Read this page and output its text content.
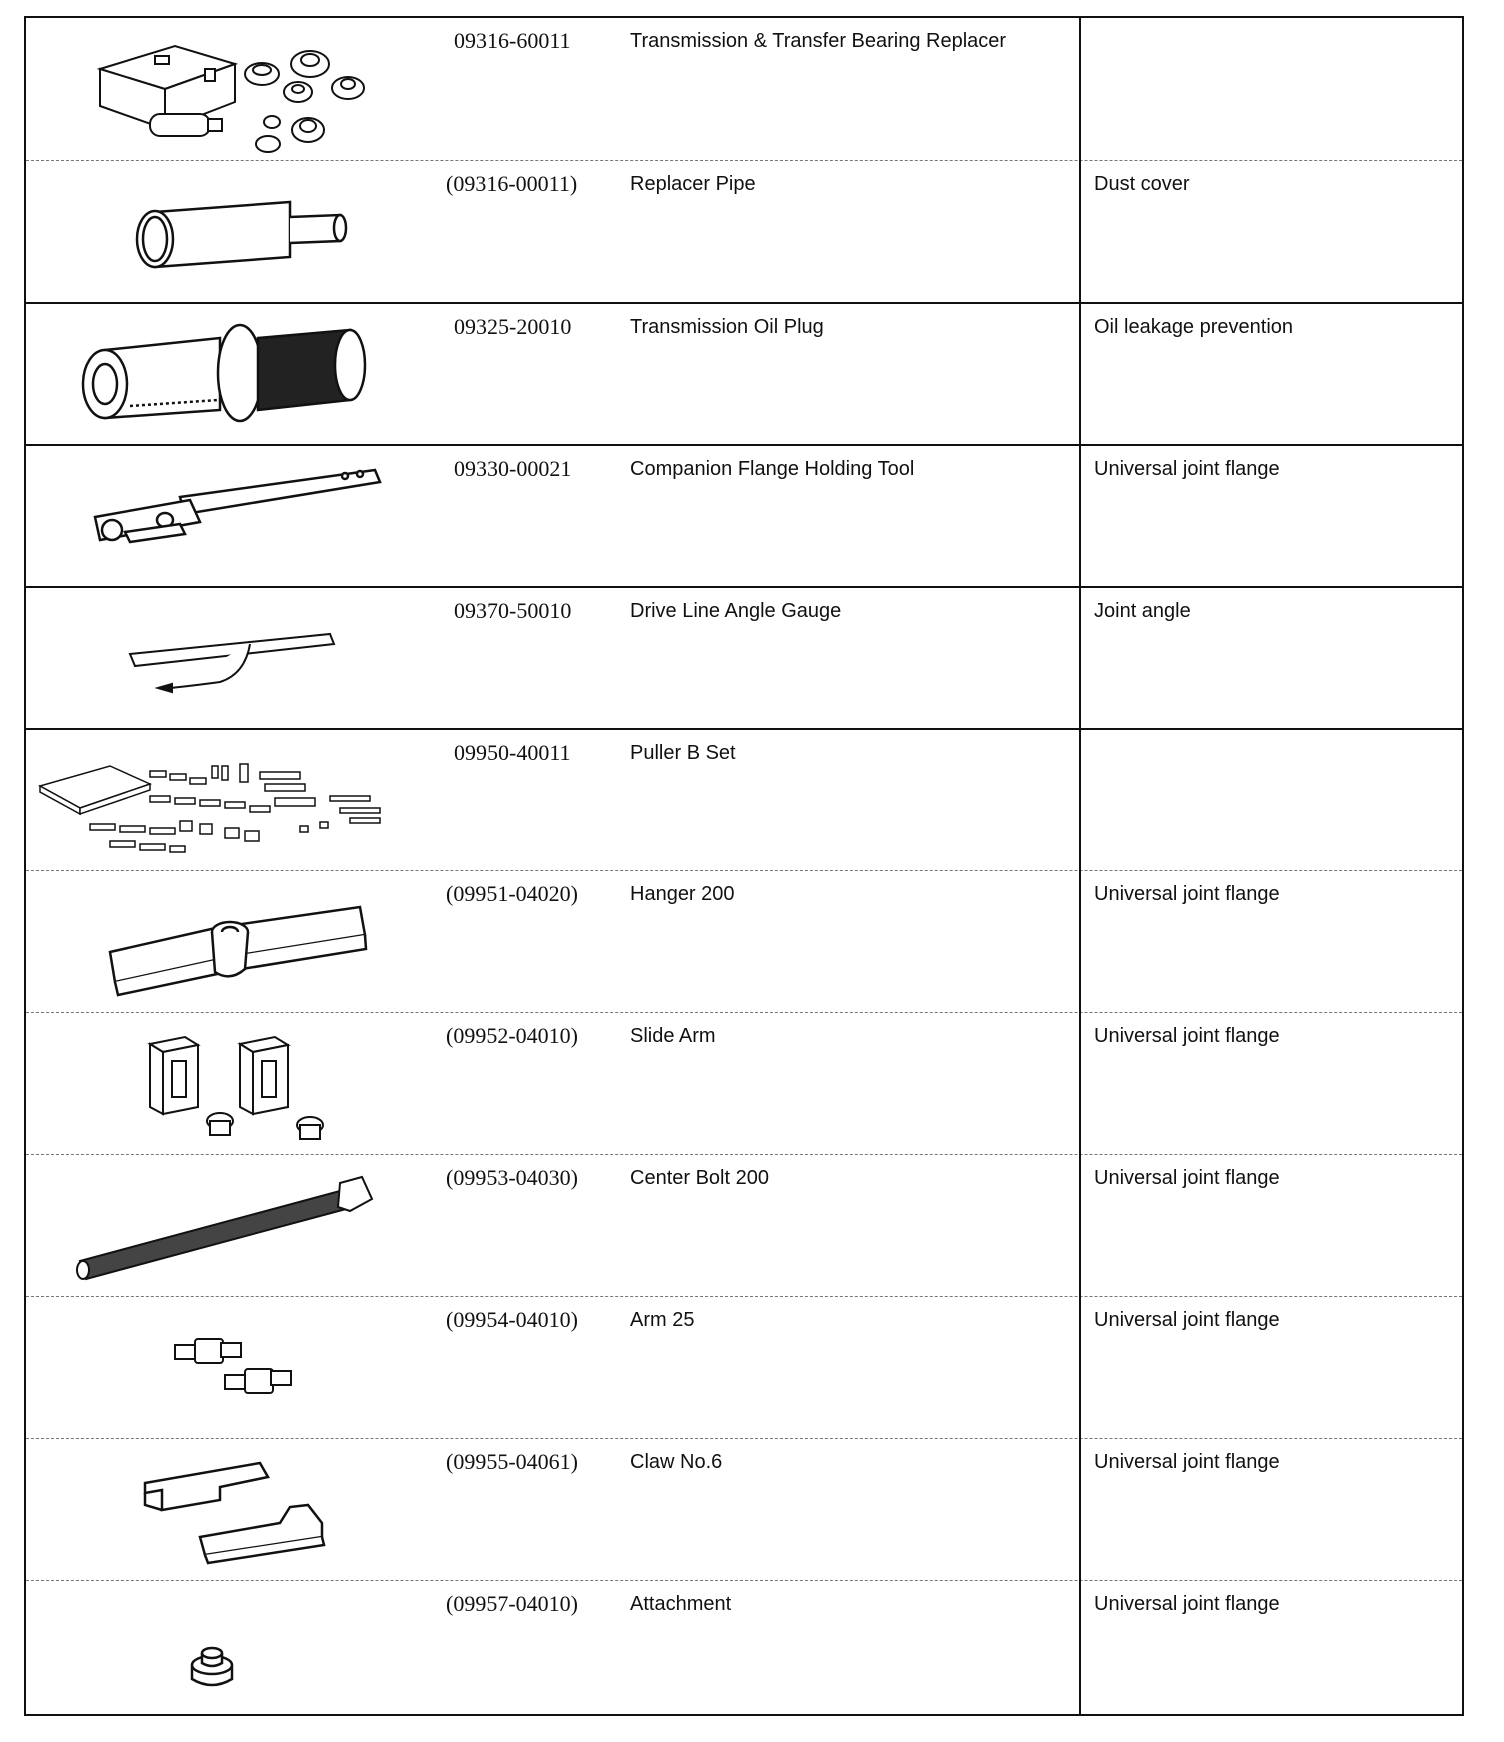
09316-60011	Transmission & Transfer Bearing Replacer
(09316-00011)	Replacer Pipe	Dust cover
09325-20010	Transmission Oil Plug	Oil leakage prevention
09330-00021	Companion Flange Holding Tool	Universal joint flange
09370-50010	Drive Line Angle Gauge	Joint angle
09950-40011	Puller B Set
(09951-04020)	Hanger 200	Universal joint flange
(09952-04010)	Slide Arm	Universal joint flange
(09953-04030)	Center Bolt 200	Universal joint flange
(09954-04010)	Arm 25	Universal joint flange
(09955-04061)	Claw No.6	Universal joint flange
(09957-04010)	Attachment	Universal joint flange
